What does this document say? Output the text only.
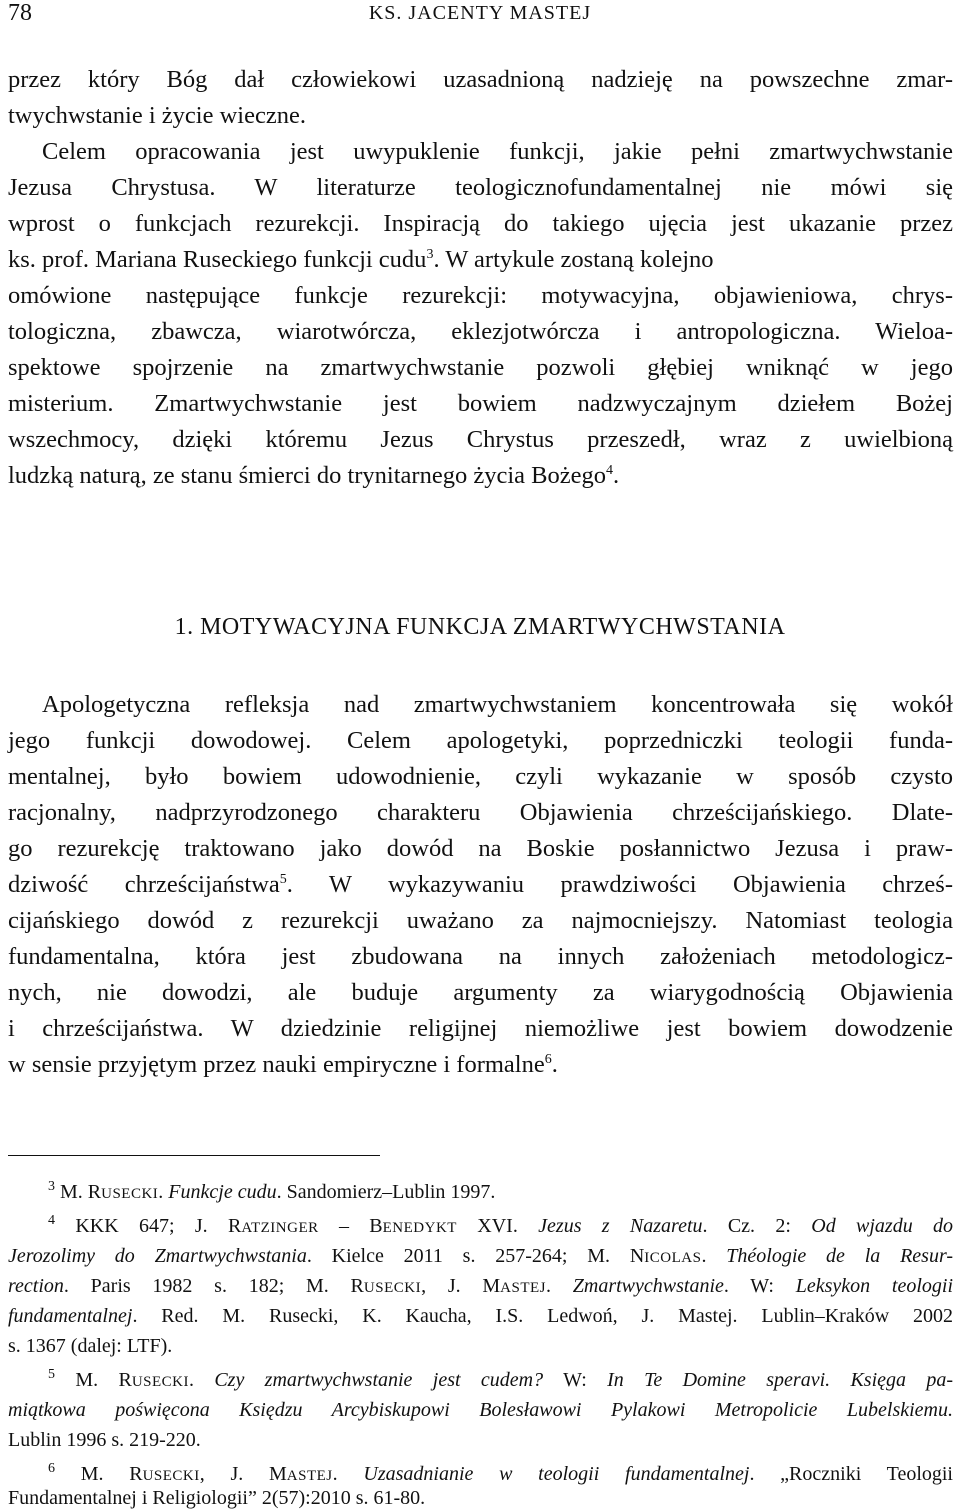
78	KS. JACENTY MASTEJ
przez który Bóg dał człowiekowi uzasadnioną nadzieję na powszechne zmar-
twychwstanie i życie wieczne.
Celem opracowania jest uwypuklenie funkcji, jakie pełni zmartwychwstanie
Jezusa Chrystusa. W literaturze teologicznofundamentalnej nie mówi się
wprost o funkcjach rezurekcji. Inspiracją do takiego ujęcia jest ukazanie przez
ks. prof. Mariana Ruseckiego funkcji cudu$^3$. W artykule zostaną kolejno
omówione następujące funkcje rezurekcji: motywacyjna, objawieniowa, chrys-
tologiczna, zbawcza, wiarotwórcza, eklezjotwórcza i antropologiczna. Wieloa-
spektowe spojrzenie na zmartwychwstanie pozwoli głębiej wniknąć w jego
misterium. Zmartwychwstanie jest bowiem nadzwyczajnym dziełem Bożej
wszechmocy, dzięki któremu Jezus Chrystus przeszedł, wraz z uwielbioną
ludzką naturą, ze stanu śmierci do trynitarnego życia Bożego$^4$.
1. MOTYWACYJNA FUNKCJA ZMARTWYCHWSTANIA
Apologetyczna refleksja nad zmartwychwstaniem koncentrowała się wokół
jego funkcji dowodowej. Celem apologetyki, poprzedniczki teologii funda-
mentalnej, było bowiem udowodnienie, czyli wykazanie w sposób czysto
racjonalny, nadprzyrodzonego charakteru Objawienia chrześcijańskiego. Dlate-
go rezurekcję traktowano jako dowód na Boskie posłannictwo Jezusa i praw-
dziwość chrześcijaństwa$^5$. W wykazywaniu prawdziwości Objawienia chrześ-
cijańskiego dowód z rezurekcji uważano za najmocniejszy. Natomiast teologia
fundamentalna, która jest zbudowana na innych założeniach metodologicz-
nych, nie dowodzi, ale buduje argumenty za wiarygodnością Objawienia
i chrześcijaństwa. W dziedzinie religijnej niemożliwe jest bowiem dowodzenie
w sensie przyjętym przez nauki empiryczne i formalne$^6$.
$^3$ M. RUSECKI. Funkcje cudu. Sandomierz–Lublin 1997.
$^4$ KKK 647; J. RATZINGER – BENEDYKT XVI. Jezus z Nazaretu. Cz. 2: Od wjazdu do
Jerozolimy do Zmartwychwstania. Kielce 2011 s. 257-264; M. NICOLAS. Théologie de la Resur-
rection. Paris 1982 s. 182; M. RUSECKI, J. MASTEJ. Zmartwychwstanie. W: Leksykon teologii
fundamentalnej. Red. M. Rusecki, K. Kaucha, I.S. Ledwoń, J. Mastej. Lublin–Kraków 2002
s. 1367 (dalej: LTF).
$^5$ M. RUSECKI. Czy zmartwychwstanie jest cudem? W: In Te Domine speravi. Księga pa-
miątkowa poświęcona Księdzu Arcybiskupowi Bolesławowi Pylakowi Metropolicie Lubelskiemu.
Lublin 1996 s. 219-220.
$^6$ M. RUSECKI, J. MASTEJ. Uzasadnianie w teologii fundamentalnej. „Roczniki Teologii
Fundamentalnej i Religiologii” 2(57):2010 s. 61-80.
